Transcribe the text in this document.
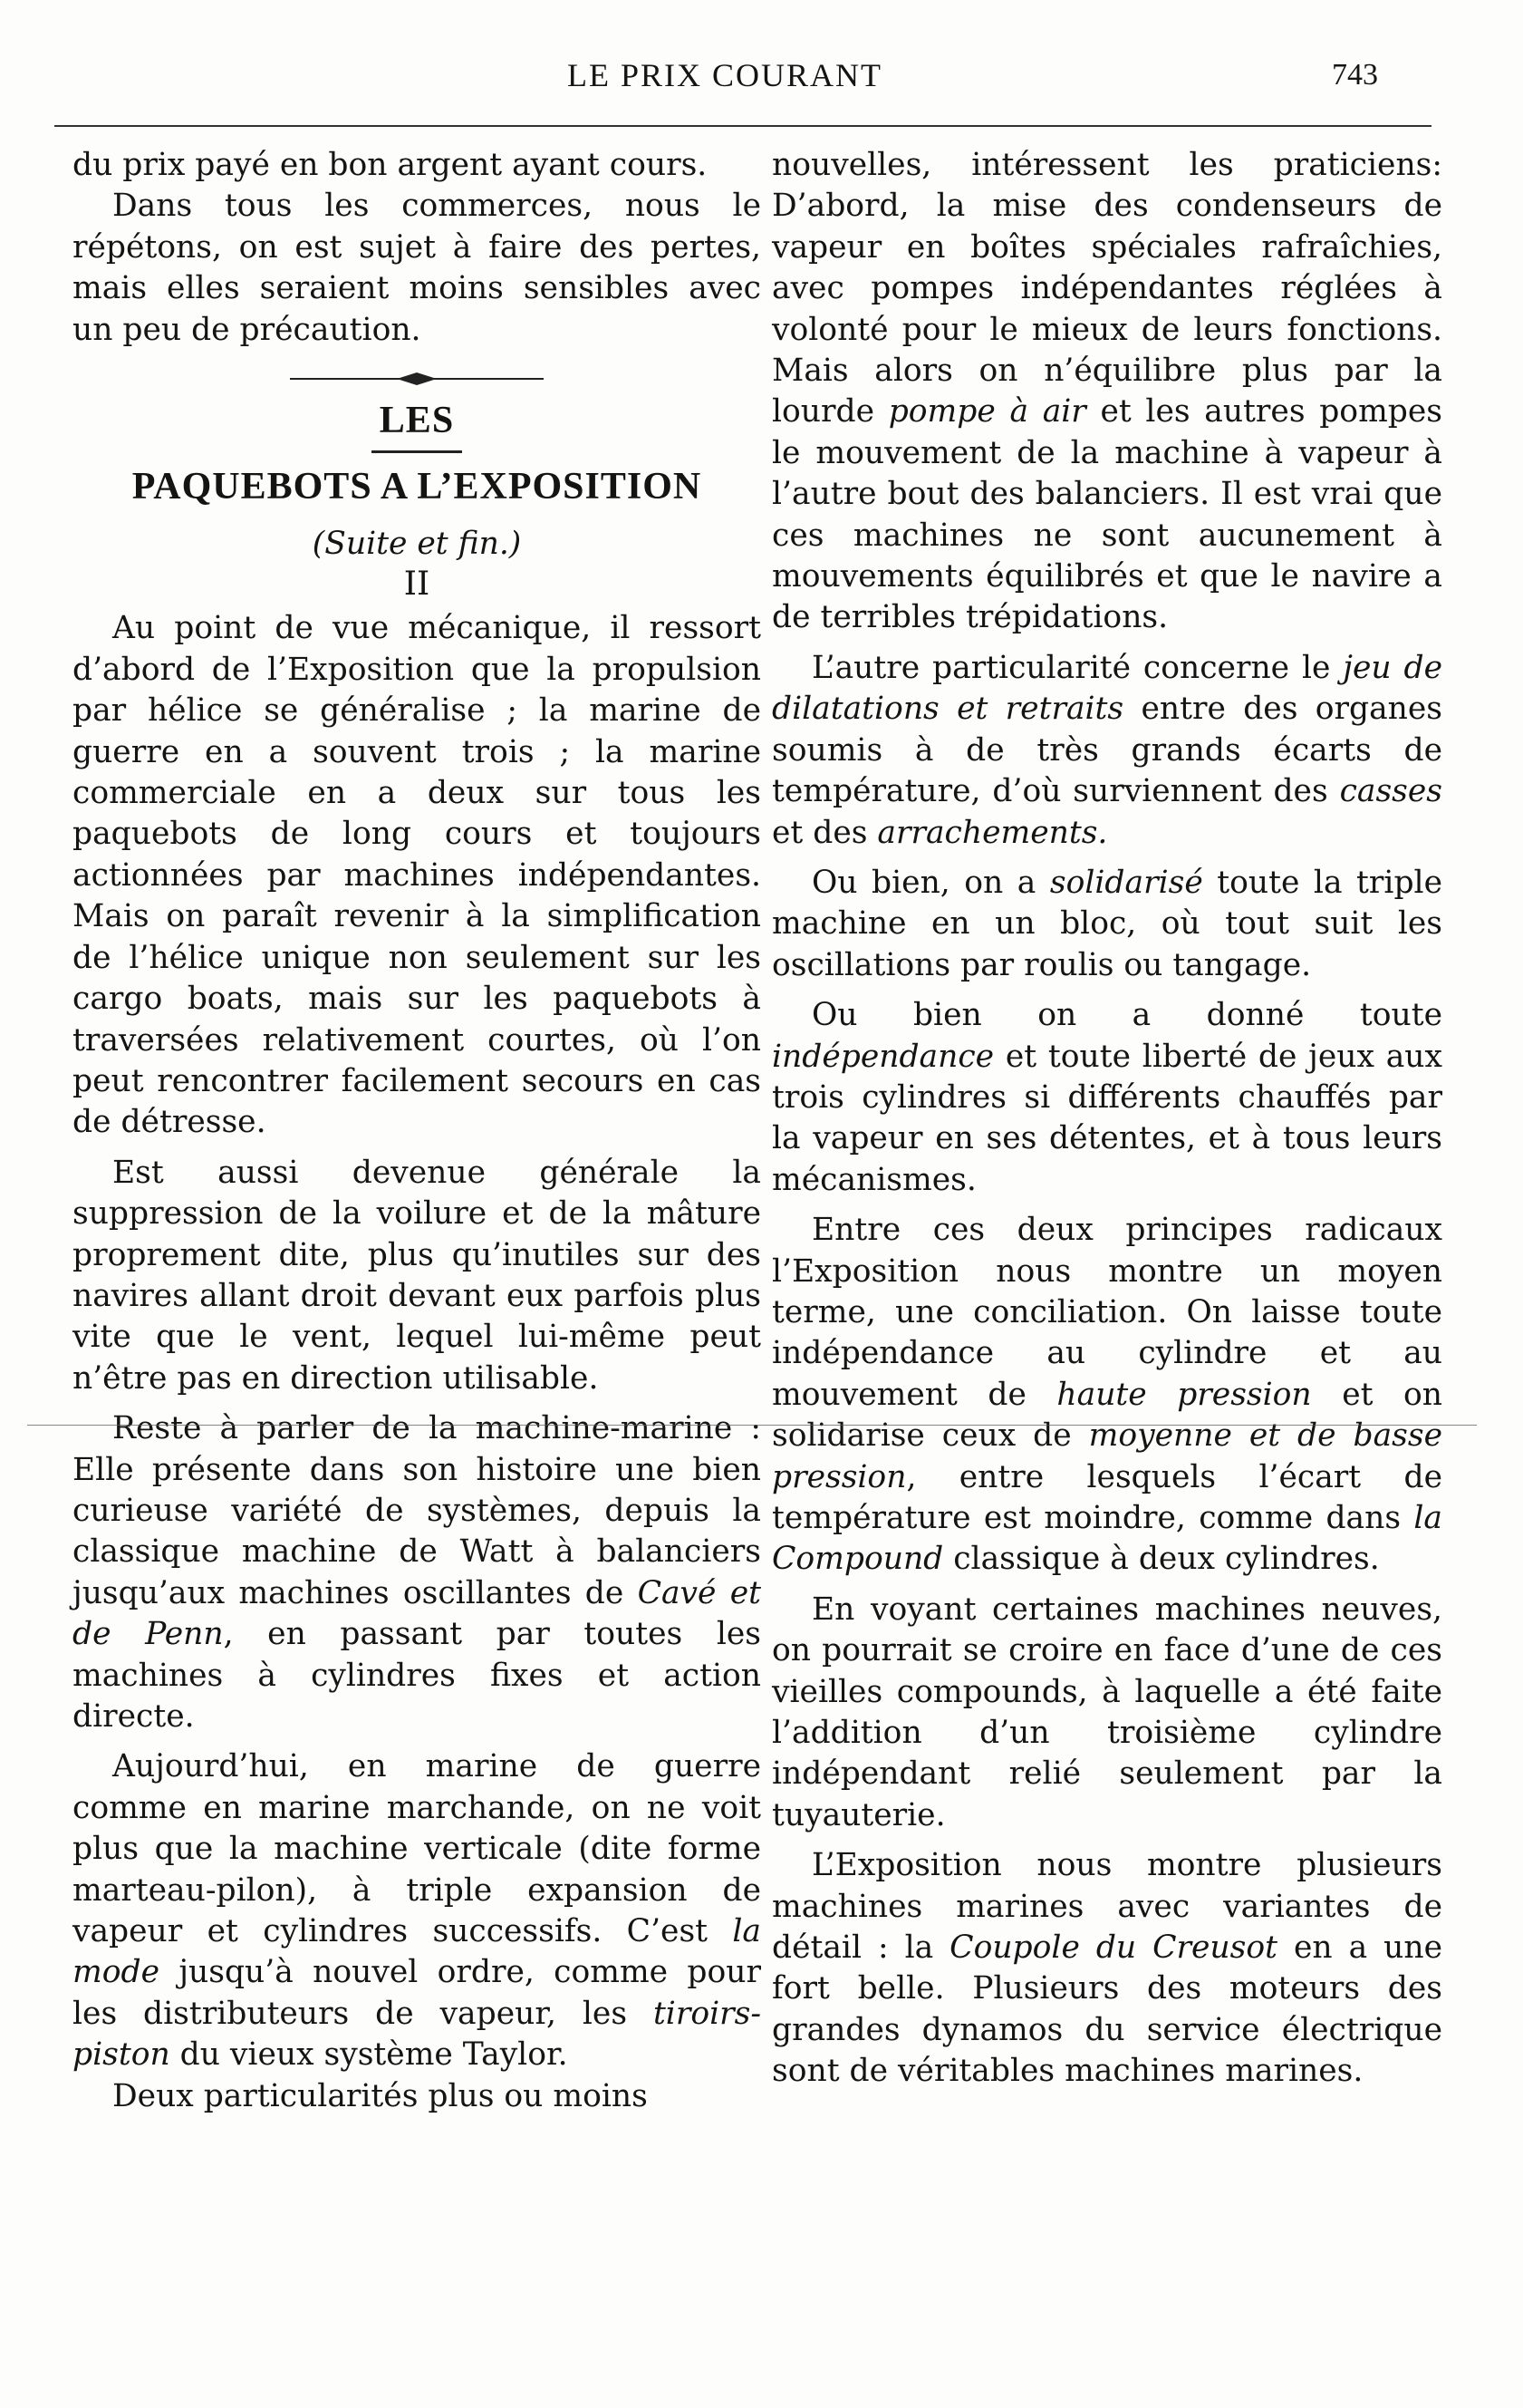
LE PRIX COURANT	743

du prix payé en bon argent ayant cours.

Dans tous les commerces, nous le répétons, on est sujet à faire des pertes, mais elles seraient moins sensibles avec un peu de précaution.

LES
PAQUEBOTS A L’EXPOSITION

(Suite et fin.)

II

Au point de vue mécanique, il ressort d’abord de l’Exposition que la propulsion par hélice se généralise ; la marine de guerre en a souvent trois ; la marine commerciale en a deux sur tous les paquebots de long cours et toujours actionnées par machines indépendantes. Mais on paraît revenir à la simplification de l’hélice unique non seulement sur les cargo boats, mais sur les paquebots à traversées relativement courtes, où l’on peut rencontrer facilement secours en cas de détresse.

Est aussi devenue générale la suppression de la voilure et de la mâture proprement dite, plus qu’inutiles sur des navires allant droit devant eux parfois plus vite que le vent, lequel lui-même peut n’être pas en direction utilisable.

Reste à parler de la machine-marine : Elle présente dans son histoire une bien curieuse variété de systèmes, depuis la classique machine de Watt à balanciers jusqu’aux machines oscillantes de Cavé et de Penn, en passant par toutes les machines à cylindres fixes et action directe.

Aujourd’hui, en marine de guerre comme en marine marchande, on ne voit plus que la machine verticale (dite forme marteau-pilon), à triple expansion de vapeur et cylindres successifs. C’est la mode jusqu’à nouvel ordre, comme pour les distributeurs de vapeur, les tiroirs-piston du vieux système Taylor.

Deux particularités plus ou moins

nouvelles, intéressent les praticiens: D’abord, la mise des condenseurs de vapeur en boîtes spéciales rafraîchies, avec pompes indépendantes réglées à volonté pour le mieux de leurs fonctions. Mais alors on n’équilibre plus par la lourde pompe à air et les autres pompes le mouvement de la machine à vapeur à l’autre bout des balanciers. Il est vrai que ces machines ne sont aucunement à mouvements équilibrés et que le navire a de terribles trépidations.

L’autre particularité concerne le jeu de dilatations et retraits entre des organes soumis à de très grands écarts de température, d’où surviennent des casses et des arrachements.

Ou bien, on a solidarisé toute la triple machine en un bloc, où tout suit les oscillations par roulis ou tangage.

Ou bien on a donné toute indépendance et toute liberté de jeux aux trois cylindres si différents chauffés par la vapeur en ses détentes, et à tous leurs mécanismes.

Entre ces deux principes radicaux l’Exposition nous montre un moyen terme, une conciliation. On laisse toute indépendance au cylindre et au mouvement de haute pression et on solidarise ceux de moyenne et de basse pression, entre lesquels l’écart de température est moindre, comme dans la Compound classique à deux cylindres.

En voyant certaines machines neuves, on pourrait se croire en face d’une de ces vieilles compounds, à laquelle a été faite l’addition d’un troisième cylindre indépendant relié seulement par la tuyauterie.

L’Exposition nous montre plusieurs machines marines avec variantes de détail : la Coupole du Creusot en a une fort belle. Plusieurs des moteurs des grandes dynamos du service électrique sont de véritables machines marines.
